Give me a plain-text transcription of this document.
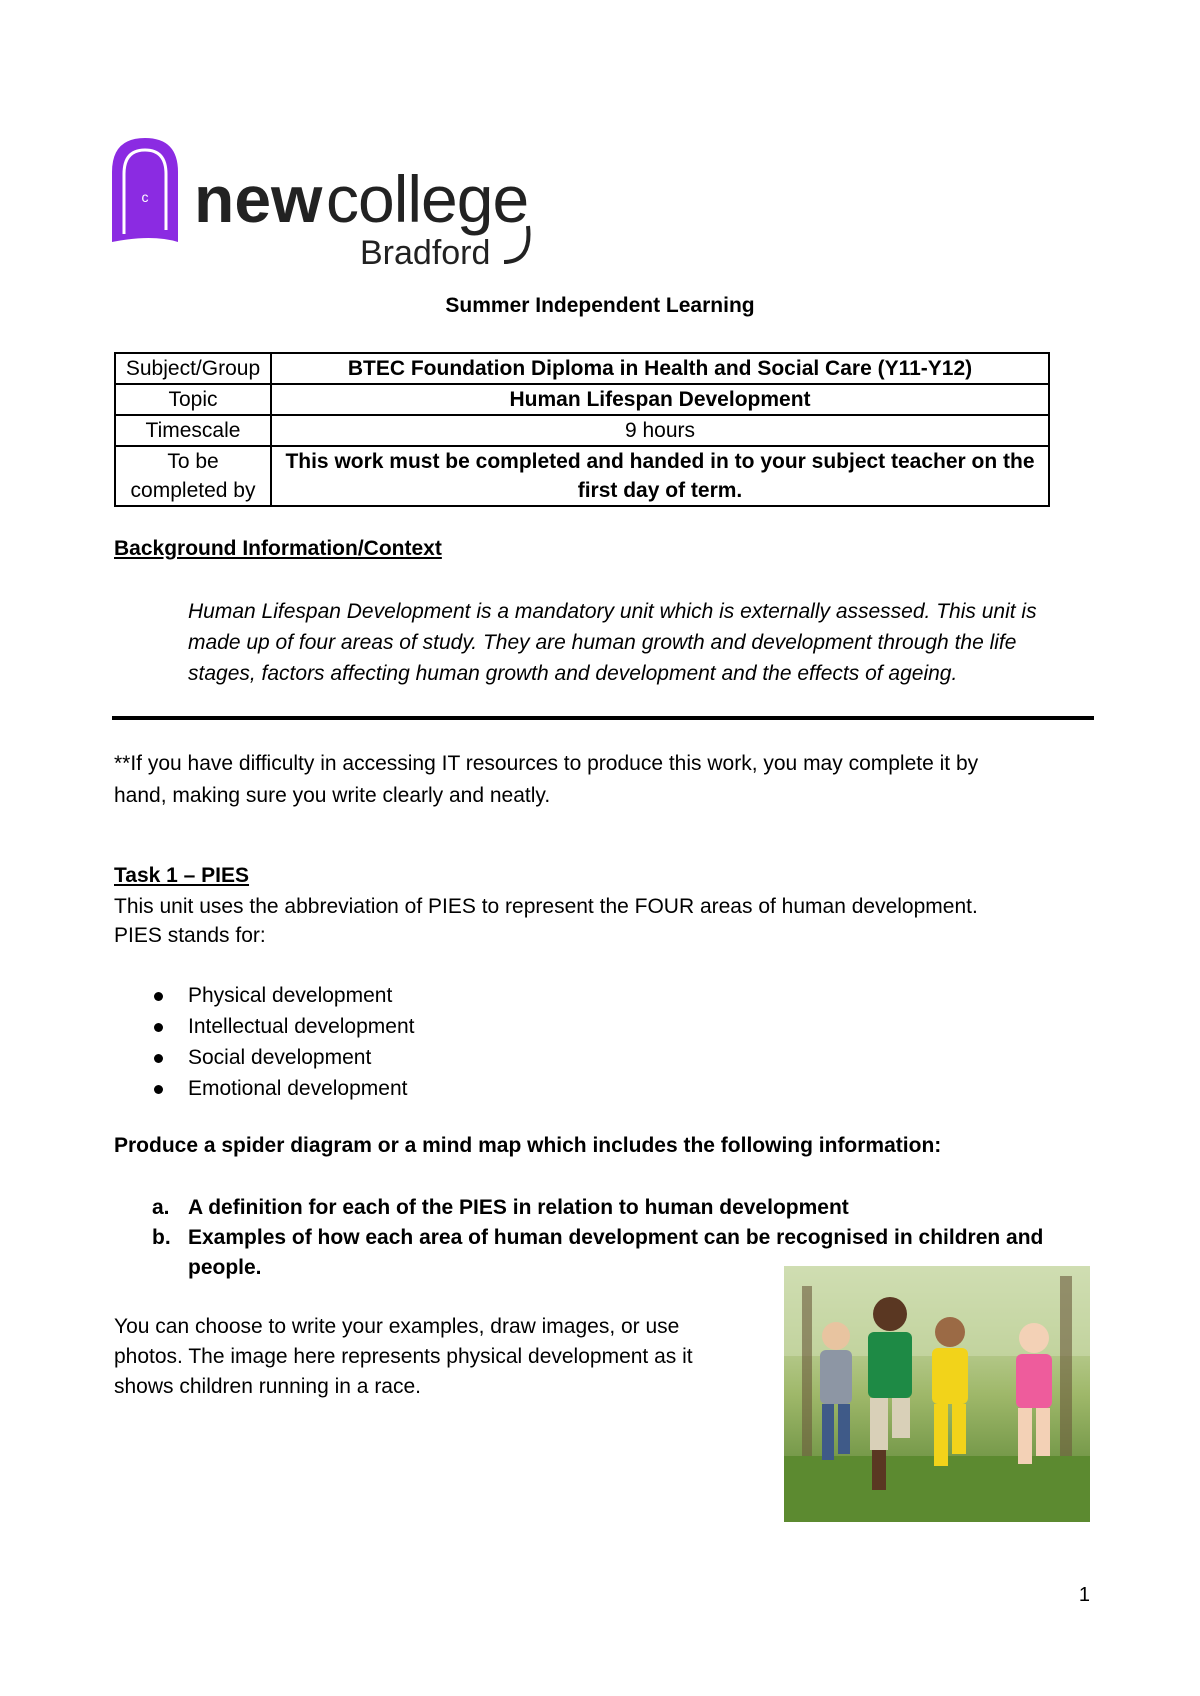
c new college
Bradford
Summer Independent Learning
Subject/Group	BTEC Foundation Diploma in Health and Social Care (Y11-Y12)
Topic	Human Lifespan Development
Timescale	9 hours
To be
completed by	This work must be completed and handed in to your subject teacher on the
first day of term.
Background Information/Context
Human Lifespan Development is a mandatory unit which is externally assessed. This unit is
made up of four areas of study. They are human growth and development through the life
stages, factors affecting human growth and development and the effects of ageing.
**If you have difficulty in accessing IT resources to produce this work, you may complete it by
hand, making sure you write clearly and neatly.
Task 1 – PIES
This unit uses the abbreviation of PIES to represent the FOUR areas of human development.
PIES stands for:
Physical development
Intellectual development
Social development
Emotional development
Produce a spider diagram or a mind map which includes the following information:
a. A definition for each of the PIES in relation to human development
b. Examples of how each area of human development can be recognised in children and
people.
You can choose to write your examples, draw images, or use
photos. The image here represents physical development as it
shows children running in a race.
1
